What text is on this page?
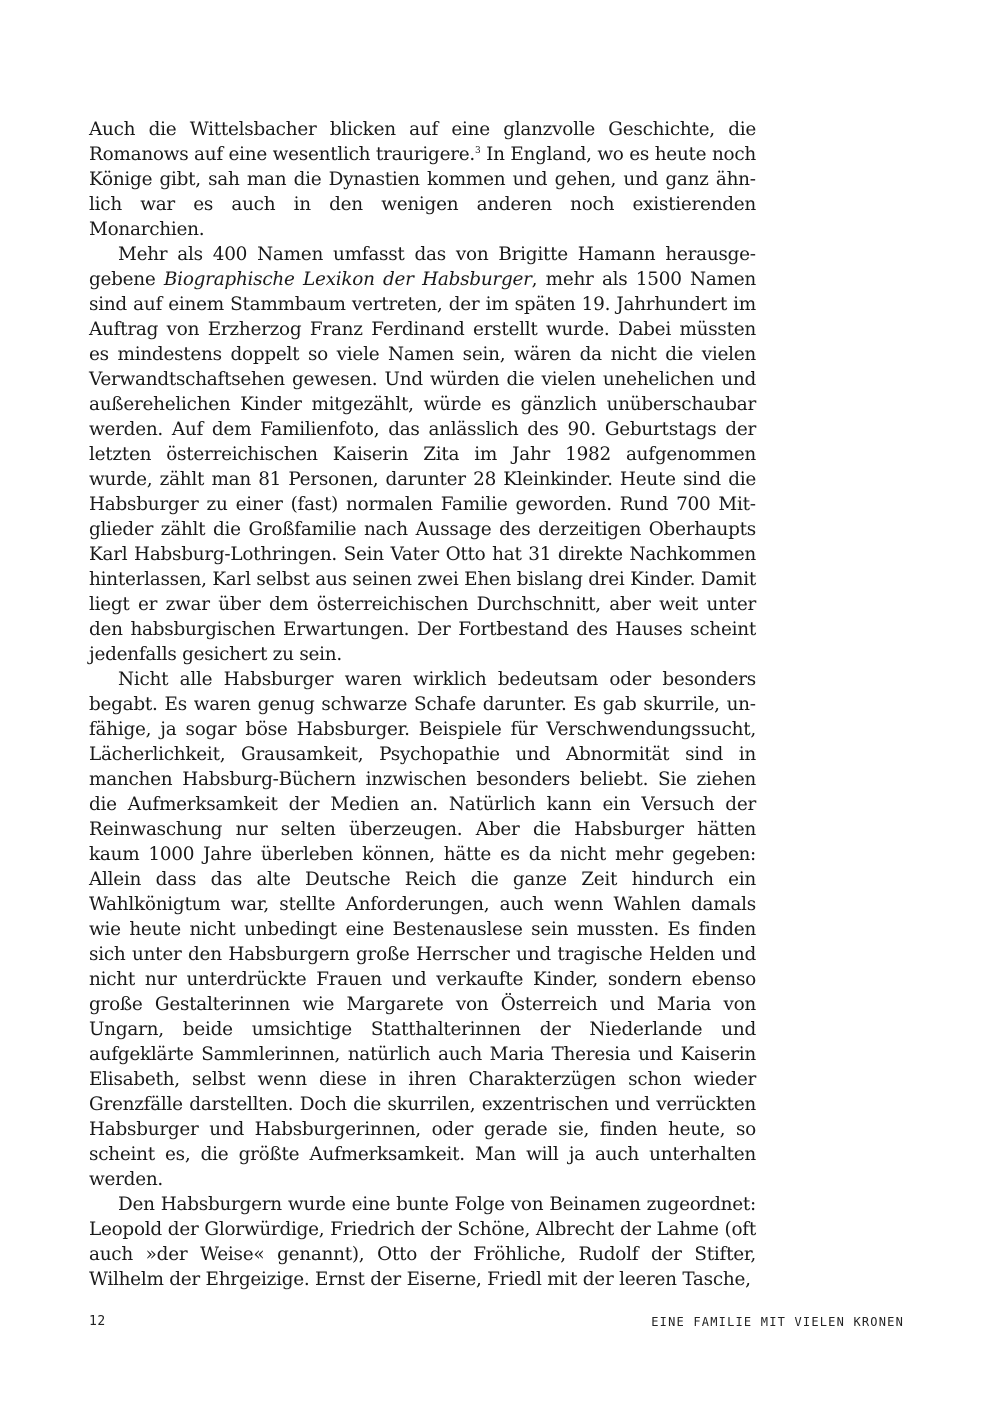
Auch die Wittelsbacher blicken auf eine glanzvolle Geschichte, die Romanows auf eine wesentlich traurigere.$^3$ In England, wo es heute noch Könige gibt, sah man die Dynastien kommen und gehen, und ganz ähnlich war es auch in den wenigen anderen noch existierenden Monarchien.

Mehr als 400 Namen umfasst das von Brigitte Hamann herausgegebene Biographische Lexikon der Habsburger, mehr als 1500 Namen sind auf einem Stammbaum vertreten, der im späten 19. Jahrhundert im Auftrag von Erzherzog Franz Ferdinand erstellt wurde. Dabei müssten es mindestens doppelt so viele Namen sein, wären da nicht die vielen Verwandtschaftsehen gewesen. Und würden die vielen unehelichen und außerehelichen Kinder mitgezählt, würde es gänzlich unüberschaubar werden. Auf dem Familienfoto, das anlässlich des 90. Geburtstags der letzten österreichischen Kaiserin Zita im Jahr 1982 aufgenommen wurde, zählt man 81 Personen, darunter 28 Kleinkinder. Heute sind die Habsburger zu einer (fast) normalen Familie geworden. Rund 700 Mitglieder zählt die Großfamilie nach Aussage des derzeitigen Oberhaupts Karl Habsburg-Lothringen. Sein Vater Otto hat 31 direkte Nachkommen hinterlassen, Karl selbst aus seinen zwei Ehen bislang drei Kinder. Damit liegt er zwar über dem österreichischen Durchschnitt, aber weit unter den habsburgischen Erwartungen. Der Fortbestand des Hauses scheint jedenfalls gesichert zu sein.

Nicht alle Habsburger waren wirklich bedeutsam oder besonders begabt. Es waren genug schwarze Schafe darunter. Es gab skurrile, unfähige, ja sogar böse Habsburger. Beispiele für Verschwendungssucht, Lächerlichkeit, Grausamkeit, Psychopathie und Abnormität sind in manchen Habsburg-Büchern inzwischen besonders beliebt. Sie ziehen die Aufmerksamkeit der Medien an. Natürlich kann ein Versuch der Reinwaschung nur selten überzeugen. Aber die Habsburger hätten kaum 1000 Jahre überleben können, hätte es da nicht mehr gegeben: Allein dass das alte Deutsche Reich die ganze Zeit hindurch ein Wahlkönigtum war, stellte Anforderungen, auch wenn Wahlen damals wie heute nicht unbedingt eine Bestenauslese sein mussten. Es finden sich unter den Habsburgern große Herrscher und tragische Helden und nicht nur unterdrückte Frauen und verkaufte Kinder, sondern ebenso große Gestalterinnen wie Margarete von Österreich und Maria von Ungarn, beide umsichtige Statthalterinnen der Niederlande und aufgeklärte Sammlerinnen, natürlich auch Maria Theresia und Kaiserin Elisabeth, selbst wenn diese in ihren Charakterzügen schon wieder Grenzfälle darstellten. Doch die skurrilen, exzentrischen und verrückten Habsburger und Habsburgerinnen, oder gerade sie, finden heute, so scheint es, die größte Aufmerksamkeit. Man will ja auch unterhalten werden.

Den Habsburgern wurde eine bunte Folge von Beinamen zugeordnet: Leopold der Glorwürdige, Friedrich der Schöne, Albrecht der Lahme (oft auch »der Weise« genannt), Otto der Fröhliche, Rudolf der Stifter, Wilhelm der Ehrgeizige. Ernst der Eiserne, Friedl mit der leeren Tasche,

12	EINE FAMILIE MIT VIELEN KRONEN
